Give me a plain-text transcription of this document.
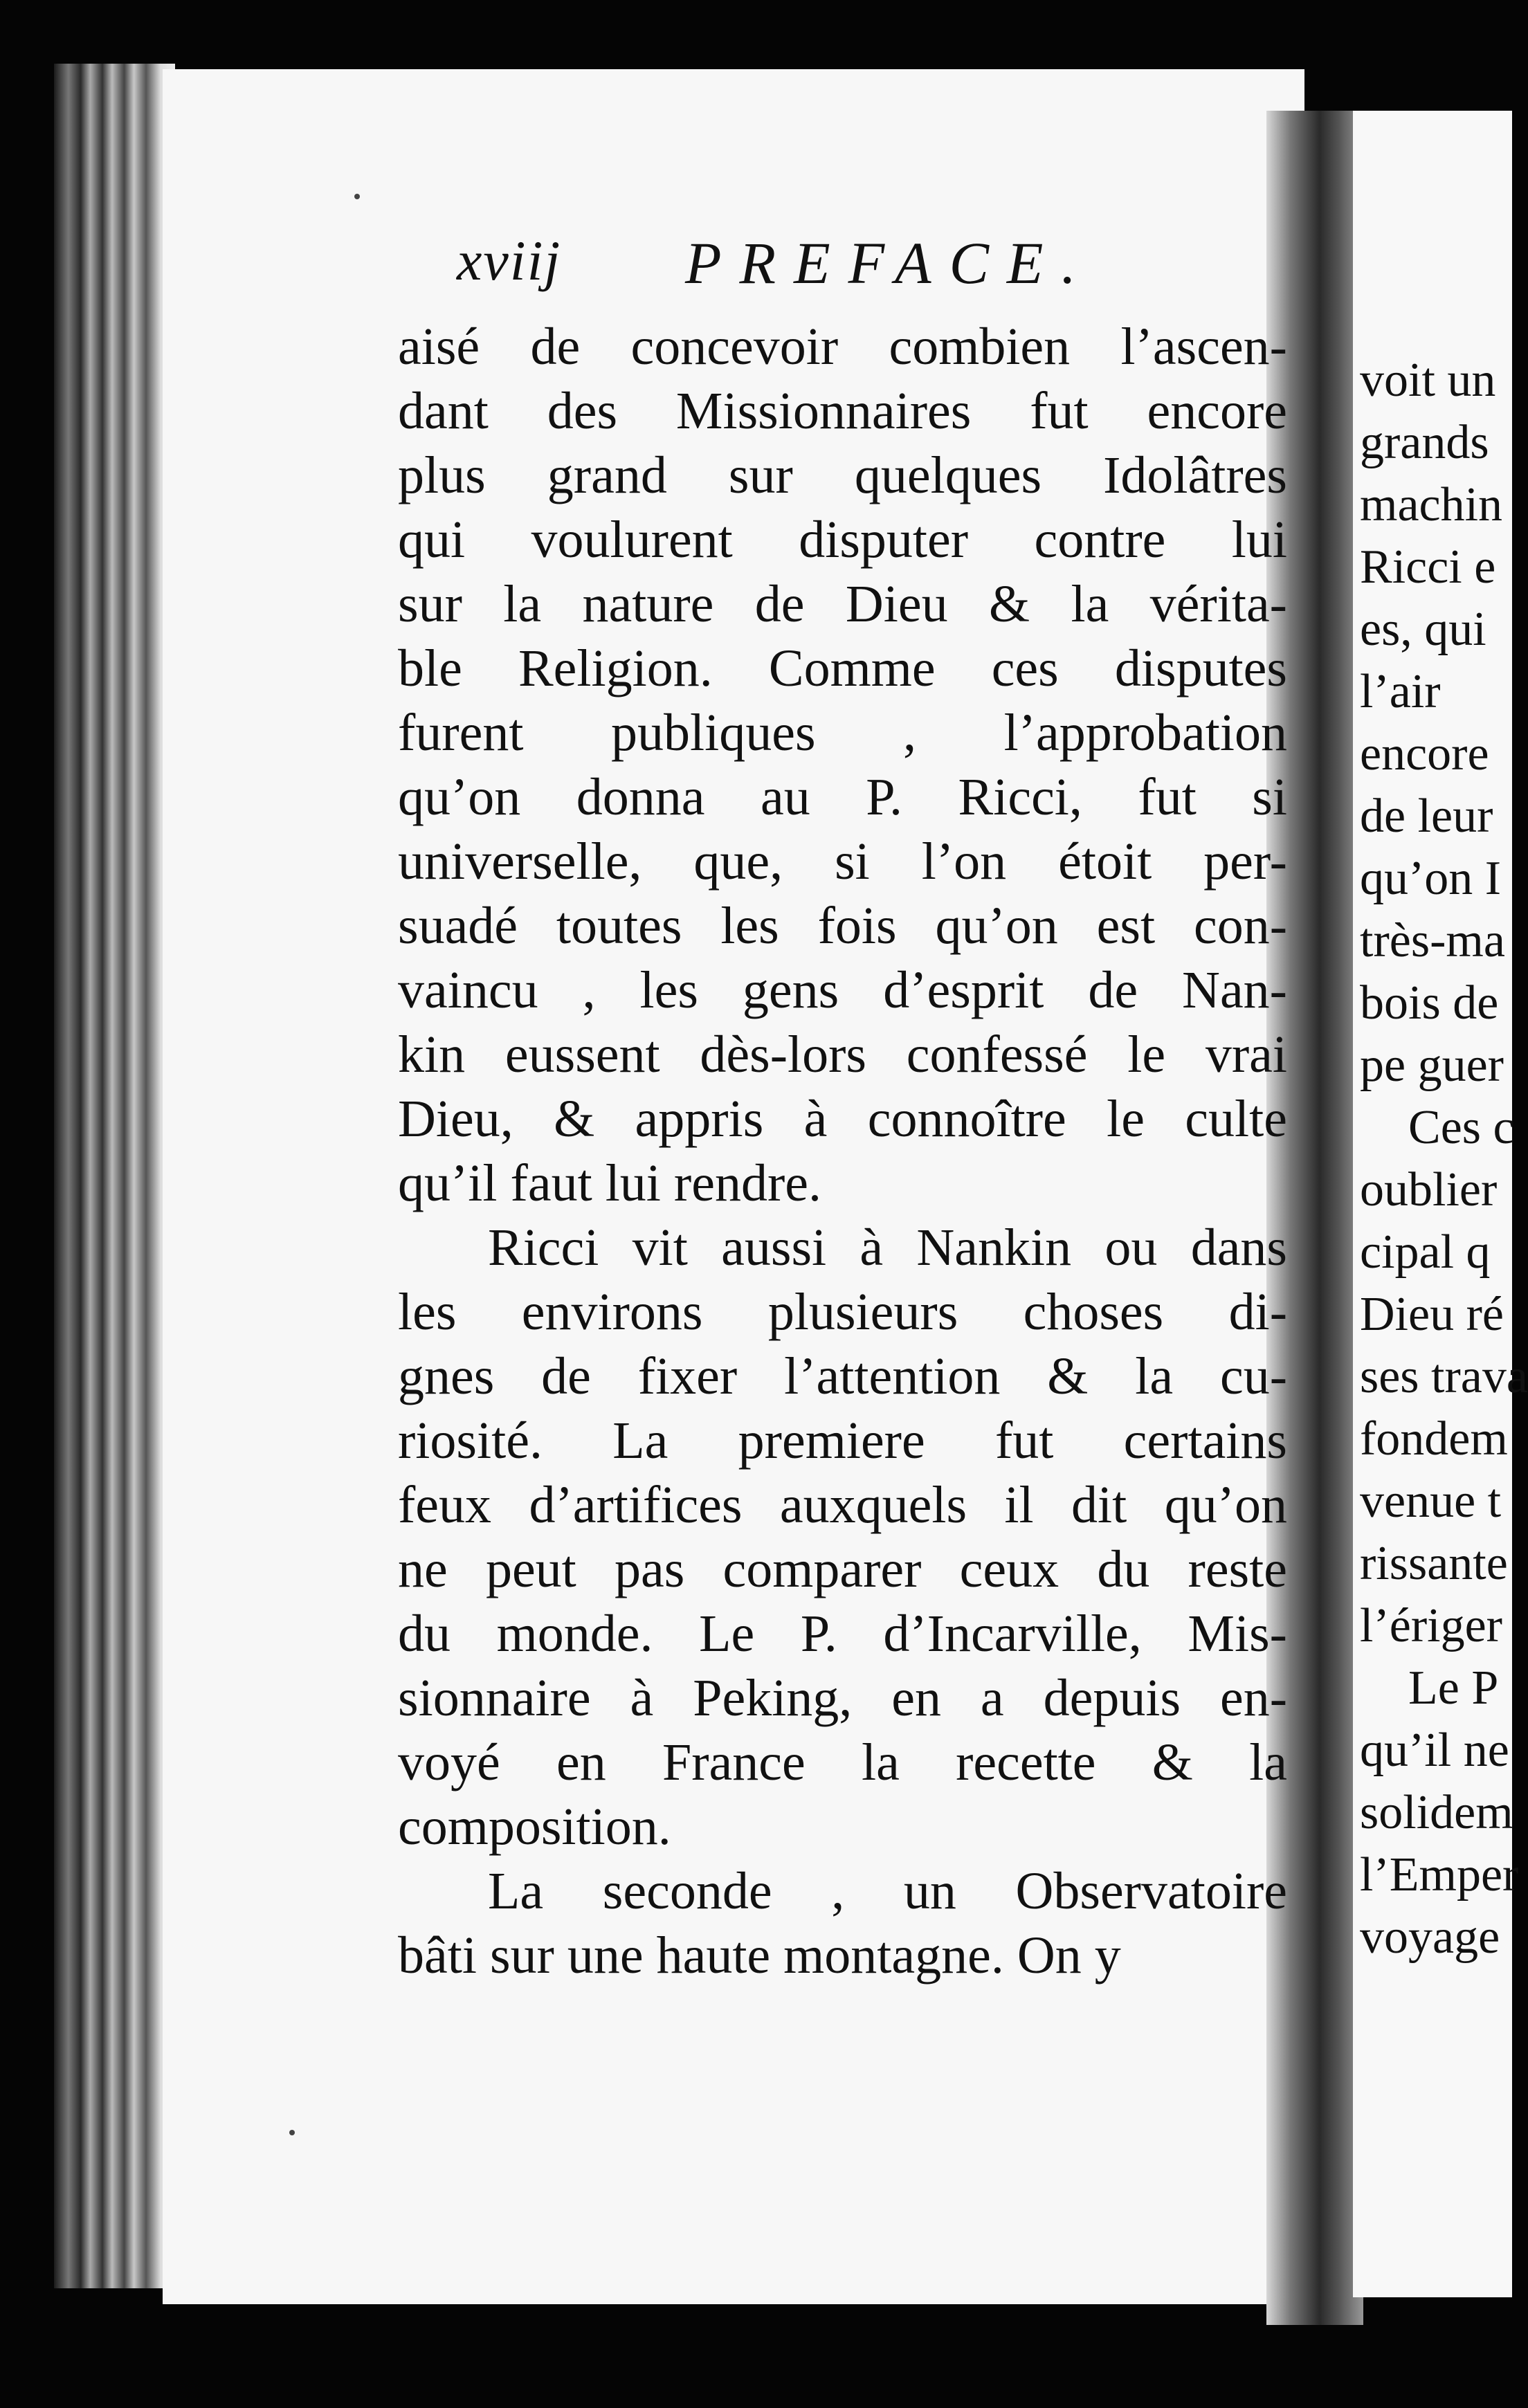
voit un
grands
machin
Ricci e
es, qui
l’air
encore
de leur
qu’on I
très-ma
bois de
pe guer
Ces c
oublier
cipal q
Dieu ré
ses trava
fondem
venue t
rissante
l’ériger
Le P
qu’il ne
solidem
l’Emper
voyage
xviij PREFACE.
aisé de concevoir combien l’ascen-
dant des Missionnaires fut encore
plus grand sur quelques Idolâtres
qui voulurent disputer contre lui
sur la nature de Dieu & la vérita-
ble Religion. Comme ces disputes
furent publiques , l’approbation
qu’on donna au P. Ricci, fut si
universelle, que, si l’on étoit per-
suadé toutes les fois qu’on est con-
vaincu , les gens d’esprit de Nan-
kin eussent dès-lors confessé le vrai
Dieu, & appris à connoître le culte
qu’il faut lui rendre.
Ricci vit aussi à Nankin ou dans
les environs plusieurs choses di-
gnes de fixer l’attention & la cu-
riosité. La premiere fut certains
feux d’artifices auxquels il dit qu’on
ne peut pas comparer ceux du reste
du monde. Le P. d’Incarville, Mis-
sionnaire à Peking, en a depuis en-
voyé en France la recette & la
composition.
La seconde , un Observatoire
bâti sur une haute montagne. On y
